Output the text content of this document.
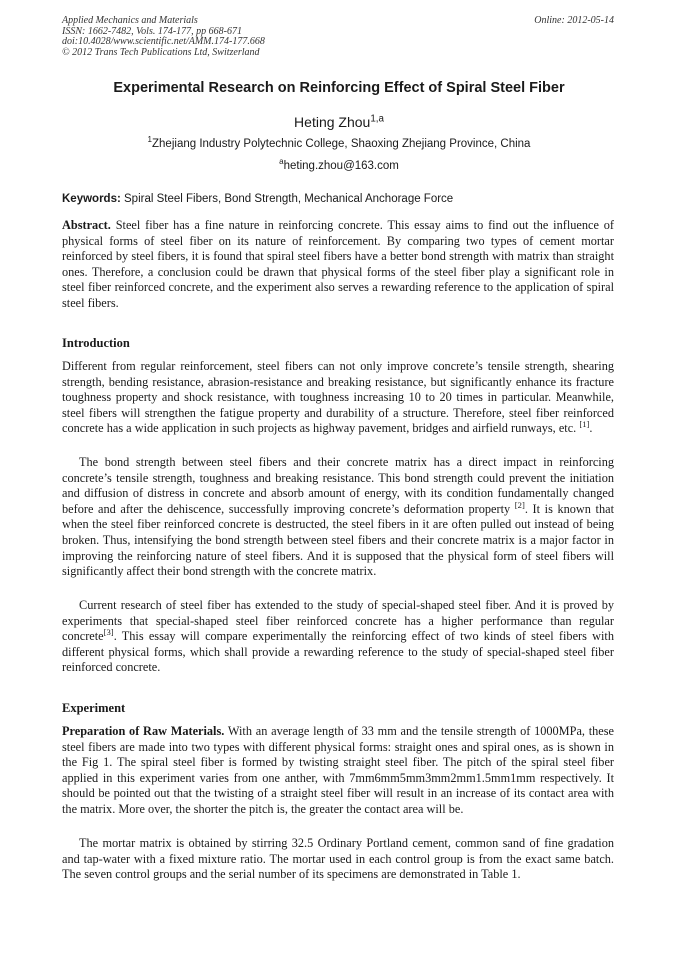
Applied Mechanics and Materials
ISSN: 1662-7482, Vols. 174-177, pp 668-671
doi:10.4028/www.scientific.net/AMM.174-177.668
© 2012 Trans Tech Publications Ltd, Switzerland
Online: 2012-05-14
Experimental Research on Reinforcing Effect of Spiral Steel Fiber
Heting Zhou$^{1,a}$
$^1$Zhejiang Industry Polytechnic College, Shaoxing Zhejiang Province, China
$^a$heting.zhou@163.com
Keywords: Spiral Steel Fibers, Bond Strength, Mechanical Anchorage Force

Abstract. Steel fiber has a fine nature in reinforcing concrete. This essay aims to find out the influence of physical forms of steel fiber on its nature of reinforcement. By comparing two types of cement mortar reinforced by steel fibers, it is found that spiral steel fibers have a better bond strength with matrix than straight ones. Therefore, a conclusion could be drawn that physical forms of the steel fiber play a significant role in steel fiber reinforced concrete, and the experiment also serves a rewarding reference to the application of spiral steel fibers.

Introduction

Different from regular reinforcement, steel fibers can not only improve concrete’s tensile strength, shearing strength, bending resistance, abrasion-resistance and breaking resistance, but significantly enhance its fracture toughness property and shock resistance, with toughness increasing 10 to 20 times in particular. Meanwhile, steel fibers will strengthen the fatigue property and durability of a structure. Therefore, steel fiber reinforced concrete has a wide application in such projects as highway pavement, bridges and airfield runways, etc. [1].

The bond strength between steel fibers and their concrete matrix has a direct impact in reinforcing concrete’s tensile strength, toughness and breaking resistance. This bond strength could prevent the initiation and diffusion of distress in concrete and absorb amount of energy, with its condition fundamentally changed before and after the dehiscence, successfully improving concrete’s deformation property [2]. It is known that when the steel fiber reinforced concrete is destructed, the steel fibers in it are often pulled out instead of being broken. Thus, intensifying the bond strength between steel fibers and their concrete matrix is a major factor in improving the reinforcing nature of steel fibers. And it is supposed that the physical form of steel fibers will significantly affect their bond strength with the concrete matrix.

Current research of steel fiber has extended to the study of special-shaped steel fiber. And it is proved by experiments that special-shaped steel fiber reinforced concrete has a higher performance than regular concrete[3]. This essay will compare experimentally the reinforcing effect of two kinds of steel fibers with different physical forms, which shall provide a rewarding reference to the study of special-shaped steel fiber reinforced concrete.

Experiment

Preparation of Raw Materials. With an average length of 33 mm and the tensile strength of 1000MPa, these steel fibers are made into two types with different physical forms: straight ones and spiral ones, as is shown in the Fig 1. The spiral steel fiber is formed by twisting straight steel fiber. The pitch of the spiral steel fiber applied in this experiment varies from one anther, with 7mm6mm5mm3mm2mm1.5mm1mm respectively. It should be pointed out that the twisting of a straight steel fiber will result in an increase of its contact area with the matrix. More over, the shorter the pitch is, the greater the contact area will be.

The mortar matrix is obtained by stirring 32.5 Ordinary Portland cement, common sand of fine gradation and tap-water with a fixed mixture ratio. The mortar used in each control group is from the exact same batch. The seven control groups and the serial number of its specimens are demonstrated in Table 1.
